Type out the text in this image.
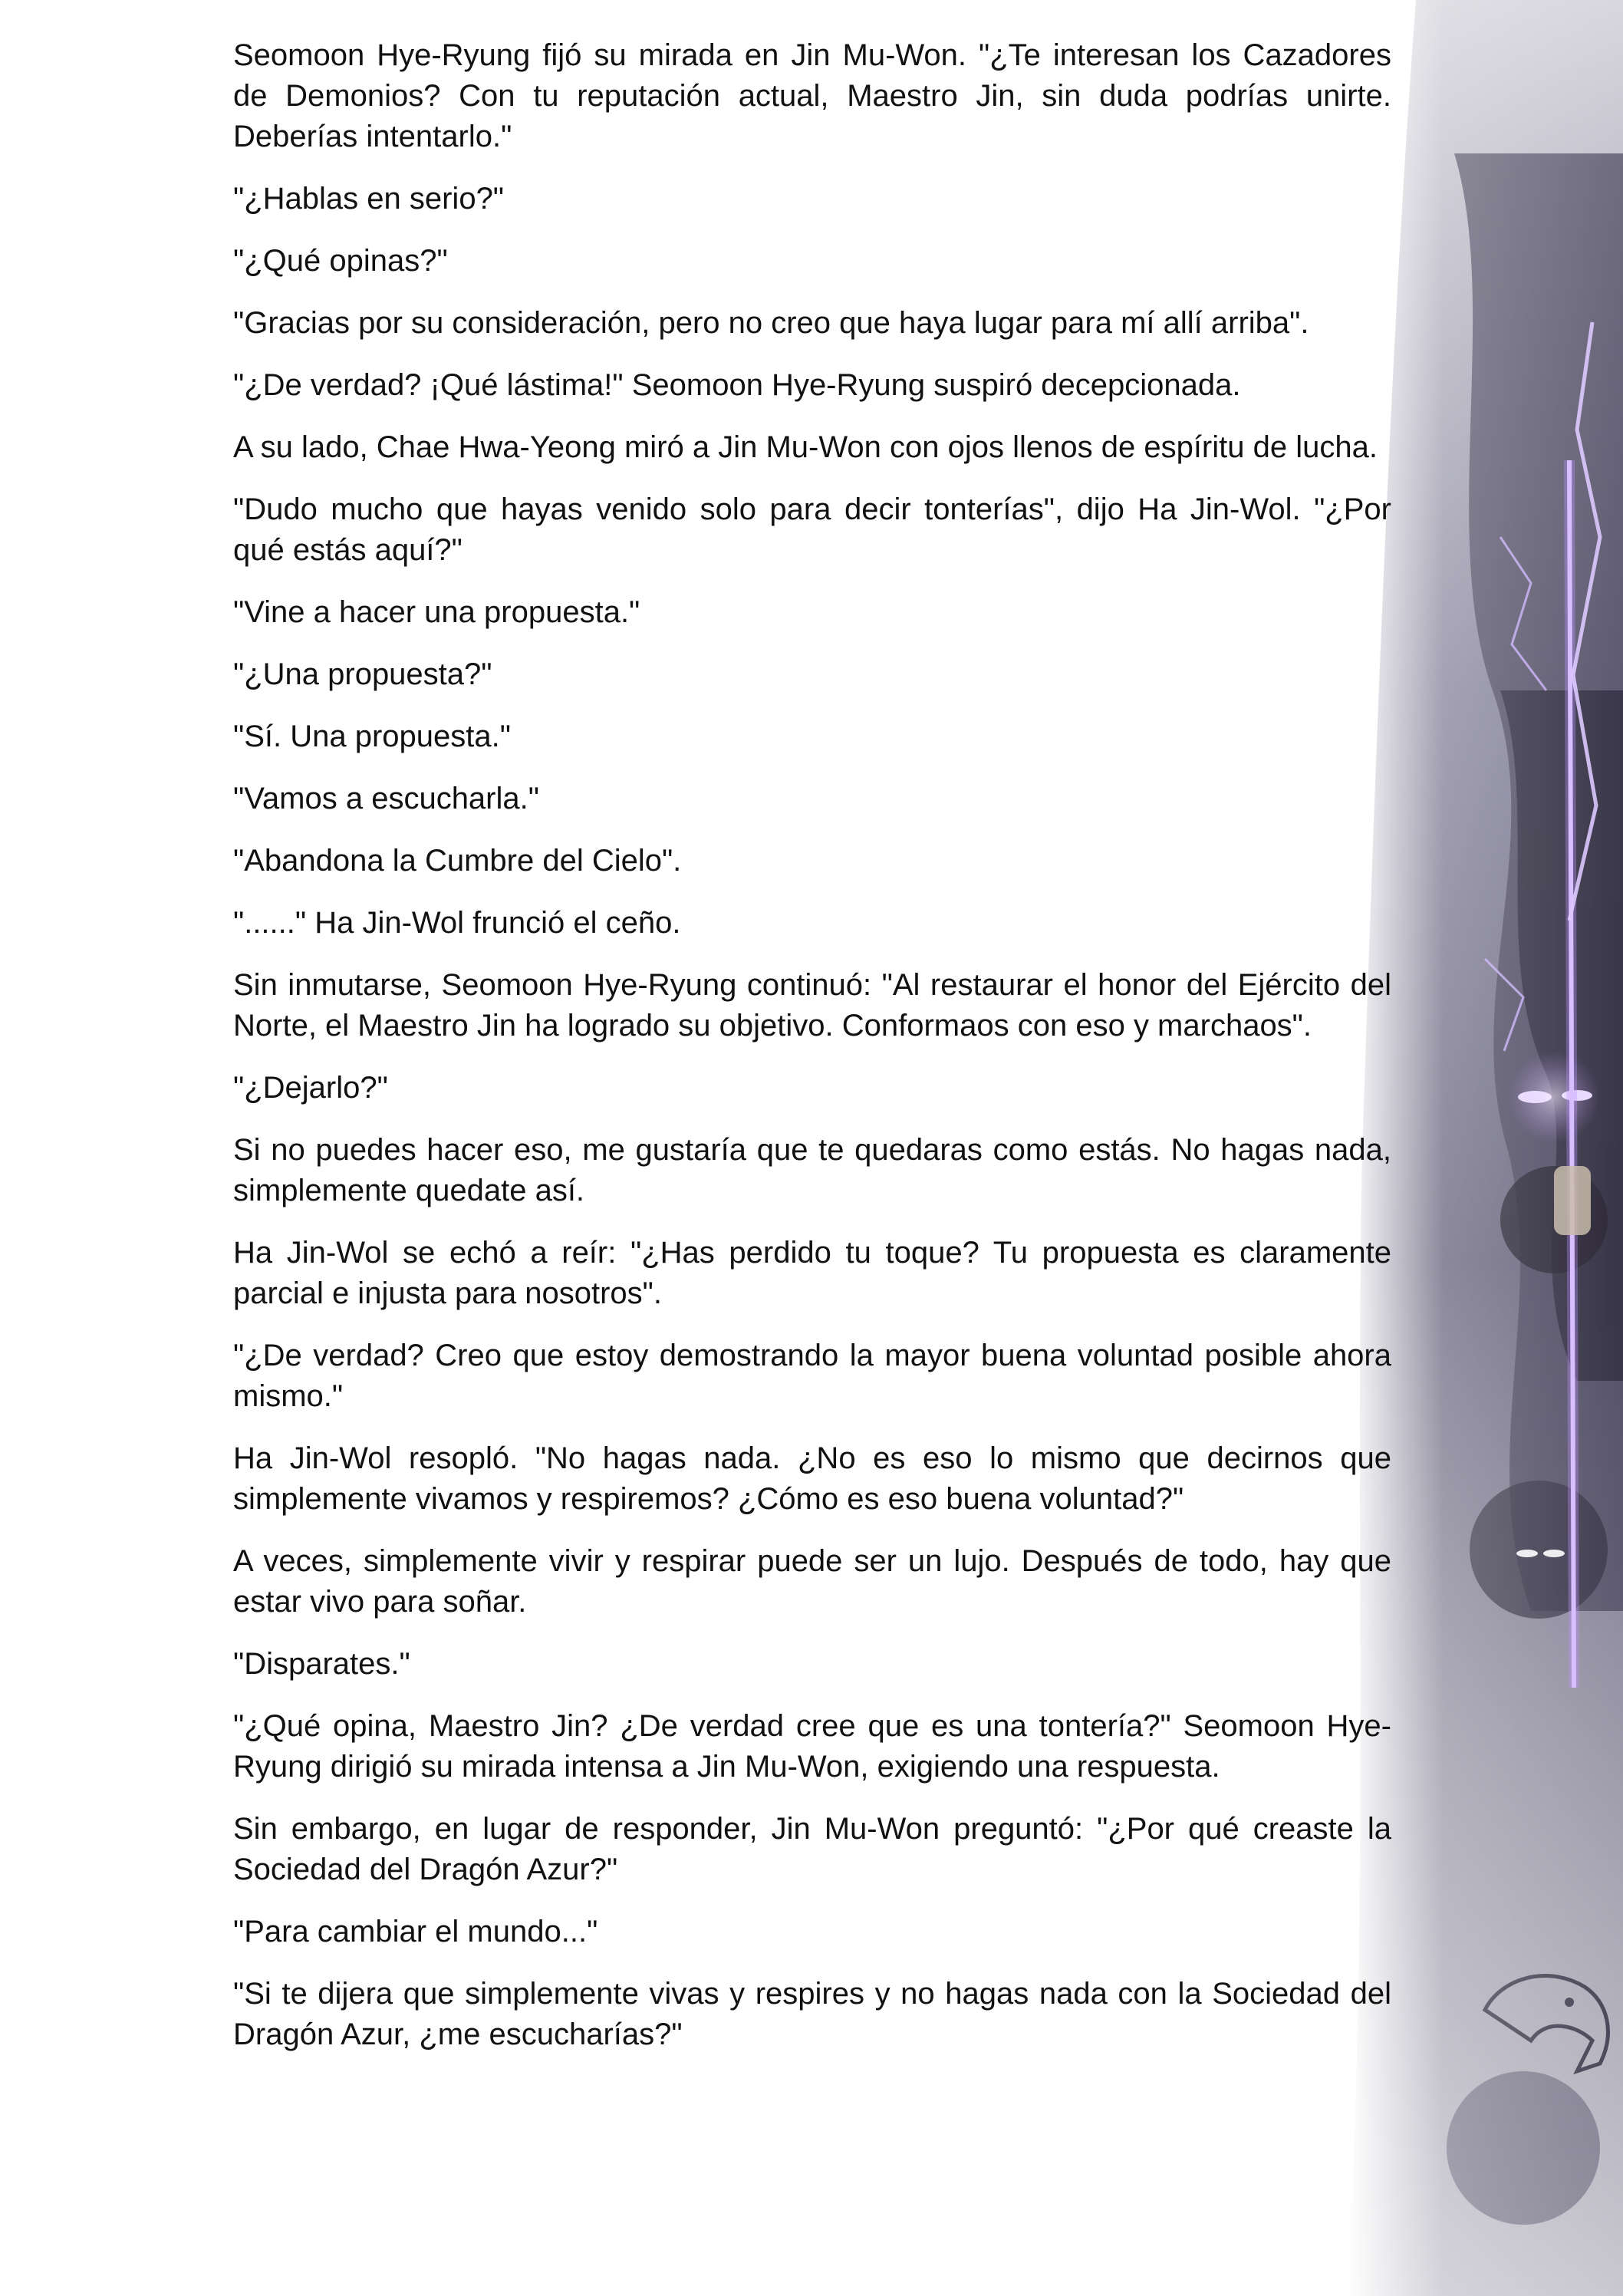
Seomoon Hye-Ryung fijó su mirada en Jin Mu-Won. "¿Te interesan los Cazadores de Demonios? Con tu reputación actual, Maestro Jin, sin duda podrías unirte. Deberías intentarlo."

"¿Hablas en serio?"

"¿Qué opinas?"

"Gracias por su consideración, pero no creo que haya lugar para mí allí arriba".

"¿De verdad? ¡Qué lástima!" Seomoon Hye-Ryung suspiró decepcionada.

A su lado, Chae Hwa-Yeong miró a Jin Mu-Won con ojos llenos de espíritu de lucha.

"Dudo mucho que hayas venido solo para decir tonterías", dijo Ha Jin-Wol. "¿Por qué estás aquí?"

"Vine a hacer una propuesta."

"¿Una propuesta?"

"Sí. Una propuesta."

"Vamos a escucharla."

"Abandona la Cumbre del Cielo".

"......" Ha Jin-Wol frunció el ceño.

Sin inmutarse, Seomoon Hye-Ryung continuó: "Al restaurar el honor del Ejército del Norte, el Maestro Jin ha logrado su objetivo. Conformaos con eso y marchaos".

"¿Dejarlo?"

Si no puedes hacer eso, me gustaría que te quedaras como estás. No hagas nada, simplemente quedate así.

Ha Jin-Wol se echó a reír: "¿Has perdido tu toque? Tu propuesta es claramente parcial e injusta para nosotros".

"¿De verdad? Creo que estoy demostrando la mayor buena voluntad posible ahora mismo."

Ha Jin-Wol resopló. "No hagas nada. ¿No es eso lo mismo que decirnos que simplemente vivamos y respiremos? ¿Cómo es eso buena voluntad?"

A veces, simplemente vivir y respirar puede ser un lujo. Después de todo, hay que estar vivo para soñar.

"Disparates."

"¿Qué opina, Maestro Jin? ¿De verdad cree que es una tontería?" Seomoon Hye-Ryung dirigió su mirada intensa a Jin Mu-Won, exigiendo una respuesta.

Sin embargo, en lugar de responder, Jin Mu-Won preguntó: "¿Por qué creaste la Sociedad del Dragón Azur?"

"Para cambiar el mundo..."

"Si te dijera que simplemente vivas y respires y no hagas nada con la Sociedad del Dragón Azur, ¿me escucharías?"
